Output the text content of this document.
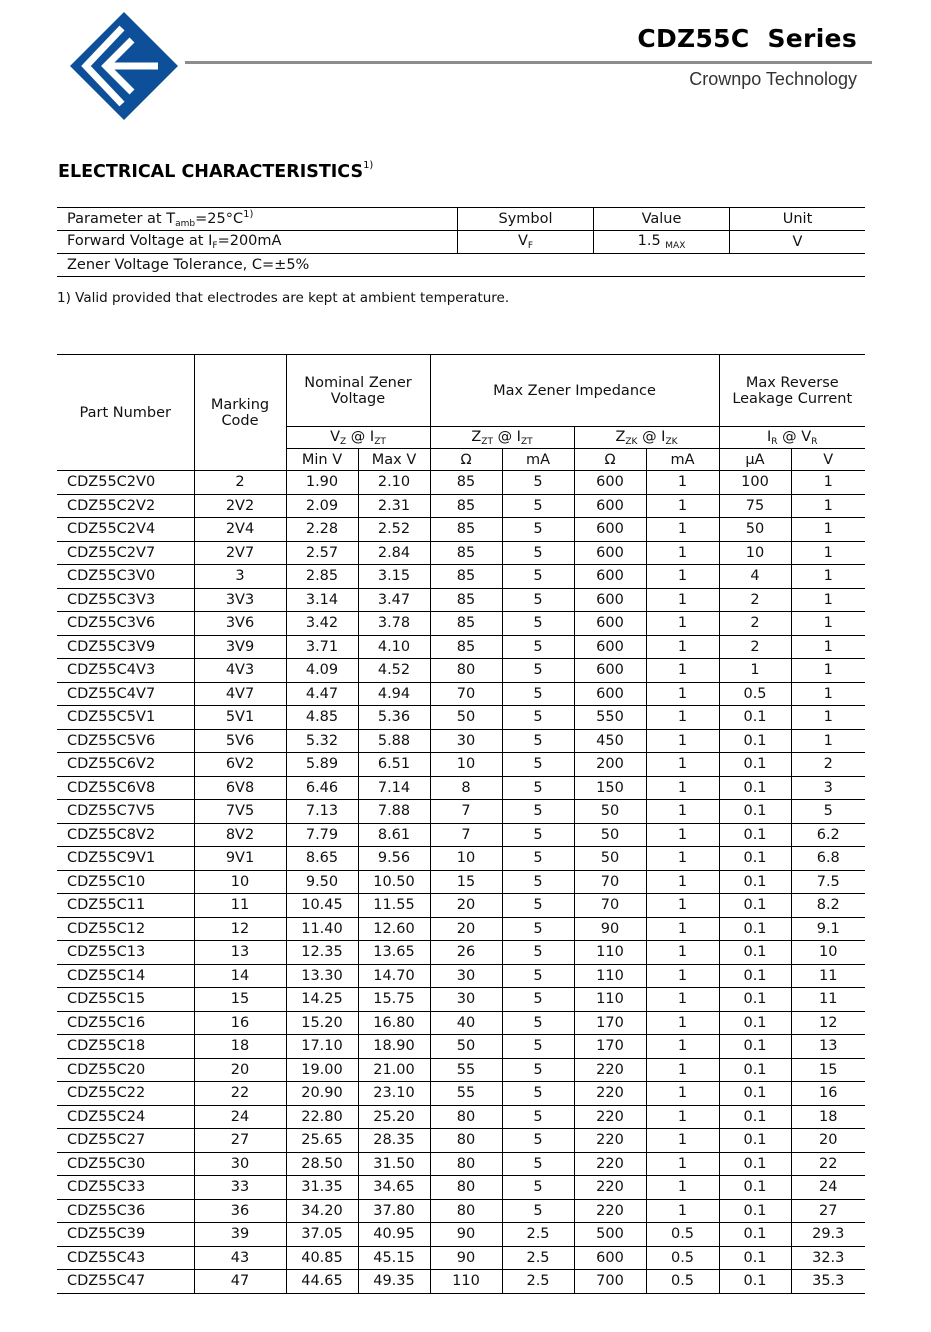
CDZ55C  Series
Crownpo Technology
ELECTRICAL CHARACTERISTICS$^{1)}$
Parameter at $T_{amb}=25^\circ C^{1)}$	Symbol	Value	Unit
Forward Voltage at $I_F=200mA$	$V_F$	1.5 $_{MAX}$	V
Zener Voltage Tolerance, C=±5%			
1) Valid provided that electrodes are kept at ambient temperature.
Part Number	Marking Code	Nominal Zener Voltage		Max Zener Impedance				Max Reverse Leakage Current	
		$V_Z$ @ $I_{ZT}$		$Z_{ZT}$ @ $I_{ZT}$		$Z_{ZK}$ @ $I_{ZK}$		$I_R$ @ $V_R$
		Min V	Max V	Ω	mA	Ω	mA	µA	V
CDZ55C2V0	2	1.90	2.10	85	5	600	1	100	1
CDZ55C2V2	2V2	2.09	2.31	85	5	600	1	75	1
CDZ55C2V4	2V4	2.28	2.52	85	5	600	1	50	1
CDZ55C2V7	2V7	2.57	2.84	85	5	600	1	10	1
CDZ55C3V0	3	2.85	3.15	85	5	600	1	4	1
CDZ55C3V3	3V3	3.14	3.47	85	5	600	1	2	1
CDZ55C3V6	3V6	3.42	3.78	85	5	600	1	2	1
CDZ55C3V9	3V9	3.71	4.10	85	5	600	1	2	1
CDZ55C4V3	4V3	4.09	4.52	80	5	600	1	1	1
CDZ55C4V7	4V7	4.47	4.94	70	5	600	1	0.5	1
CDZ55C5V1	5V1	4.85	5.36	50	5	550	1	0.1	1
CDZ55C5V6	5V6	5.32	5.88	30	5	450	1	0.1	1
CDZ55C6V2	6V2	5.89	6.51	10	5	200	1	0.1	2
CDZ55C6V8	6V8	6.46	7.14	8	5	150	1	0.1	3
CDZ55C7V5	7V5	7.13	7.88	7	5	50	1	0.1	5
CDZ55C8V2	8V2	7.79	8.61	7	5	50	1	0.1	6.2
CDZ55C9V1	9V1	8.65	9.56	10	5	50	1	0.1	6.8
CDZ55C10	10	9.50	10.50	15	5	70	1	0.1	7.5
CDZ55C11	11	10.45	11.55	20	5	70	1	0.1	8.2
CDZ55C12	12	11.40	12.60	20	5	90	1	0.1	9.1
CDZ55C13	13	12.35	13.65	26	5	110	1	0.1	10
CDZ55C14	14	13.30	14.70	30	5	110	1	0.1	11
CDZ55C15	15	14.25	15.75	30	5	110	1	0.1	11
CDZ55C16	16	15.20	16.80	40	5	170	1	0.1	12
CDZ55C18	18	17.10	18.90	50	5	170	1	0.1	13
CDZ55C20	20	19.00	21.00	55	5	220	1	0.1	15
CDZ55C22	22	20.90	23.10	55	5	220	1	0.1	16
CDZ55C24	24	22.80	25.20	80	5	220	1	0.1	18
CDZ55C27	27	25.65	28.35	80	5	220	1	0.1	20
CDZ55C30	30	28.50	31.50	80	5	220	1	0.1	22
CDZ55C33	33	31.35	34.65	80	5	220	1	0.1	24
CDZ55C36	36	34.20	37.80	80	5	220	1	0.1	27
CDZ55C39	39	37.05	40.95	90	2.5	500	0.5	0.1	29.3
CDZ55C43	43	40.85	45.15	90	2.5	600	0.5	0.1	32.3
CDZ55C47	47	44.65	49.35	110	2.5	700	0.5	0.1	35.3
